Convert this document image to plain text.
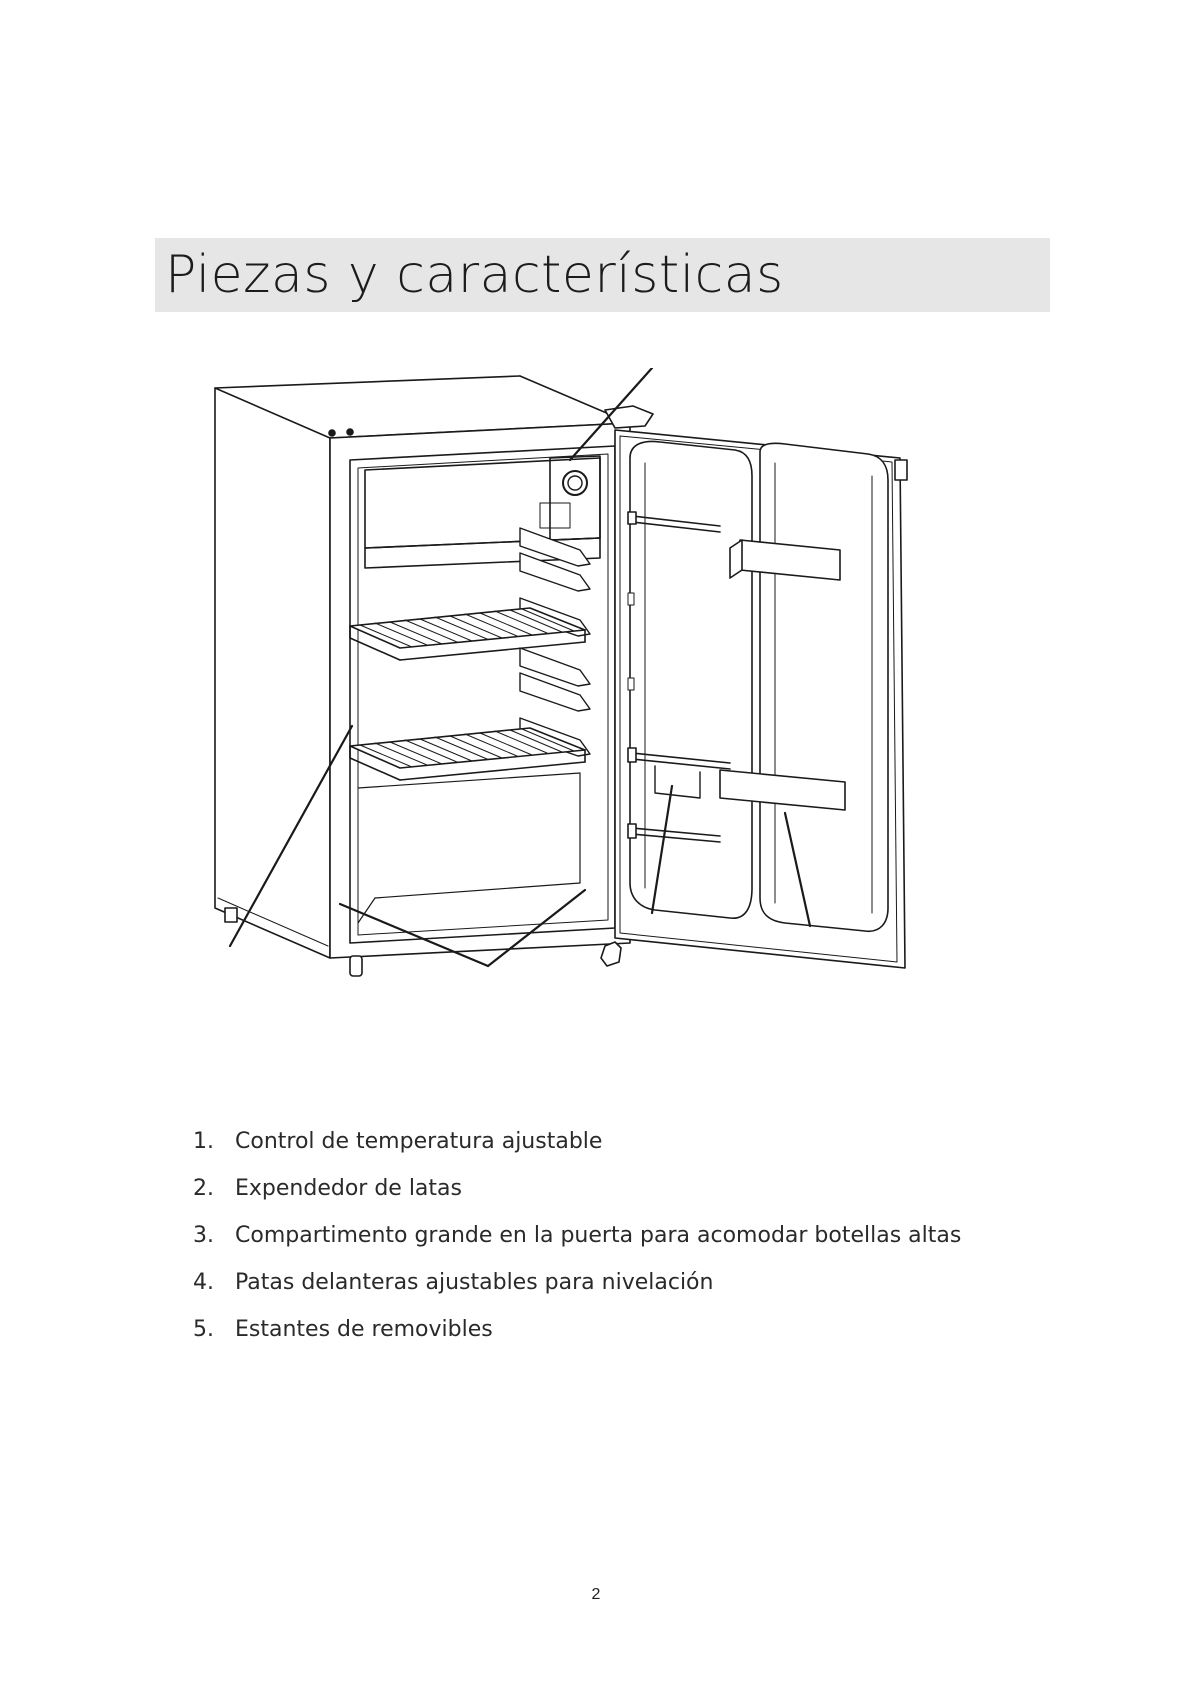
Piezas y características
1. Control de temperatura ajustable
2. Expendedor de latas
3. Compartimento grande en la puerta para acomodar botellas altas
4. Patas delanteras ajustables para nivelación
5. Estantes de removibles
2
